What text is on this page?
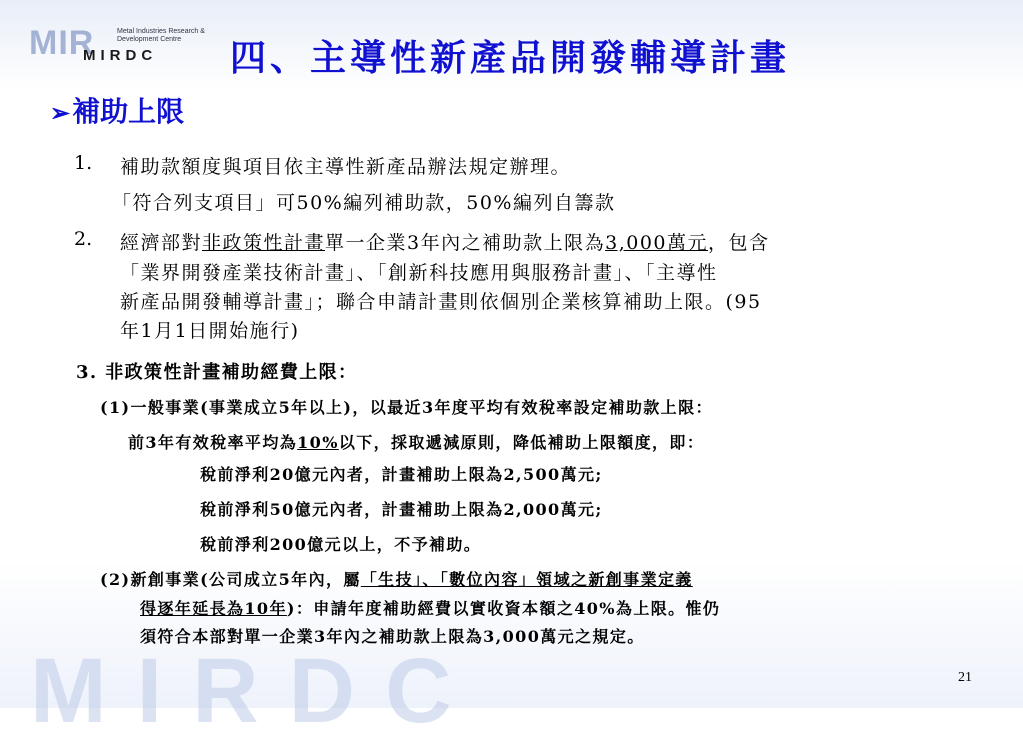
MIR	Metal Industries Research & Development Centre
MIRDC
MIRDC
四、主導性新產品開發輔導計畫
➢補助上限
1. 補助款額度與項目依主導性新產品辦法規定辦理。
「符合列支項目」可50%編列補助款，50%編列自籌款
2. 經濟部對非政策性計畫單一企業3年內之補助款上限為3,000萬元，包含
「業界開發產業技術計畫」、「創新科技應用與服務計畫」、「主導性
新產品開發輔導計畫」；聯合申請計畫則依個別企業核算補助上限。(95
年1月1日開始施行)
3. 非政策性計畫補助經費上限：
(1)一般事業(事業成立5年以上)，以最近3年度平均有效稅率設定補助款上限：
前3年有效稅率平均為10%以下，採取遞減原則，降低補助上限額度，即：
稅前淨利20億元內者，計畫補助上限為2,500萬元;
稅前淨利50億元內者，計畫補助上限為2,000萬元;
稅前淨利200億元以上，不予補助。
(2)新創事業(公司成立5年內，屬「生技」、「數位內容」領域之新創事業定義
得逐年延長為10年)：申請年度補助經費以實收資本額之40%為上限。惟仍
須符合本部對單一企業3年內之補助款上限為3,000萬元之規定。
21
